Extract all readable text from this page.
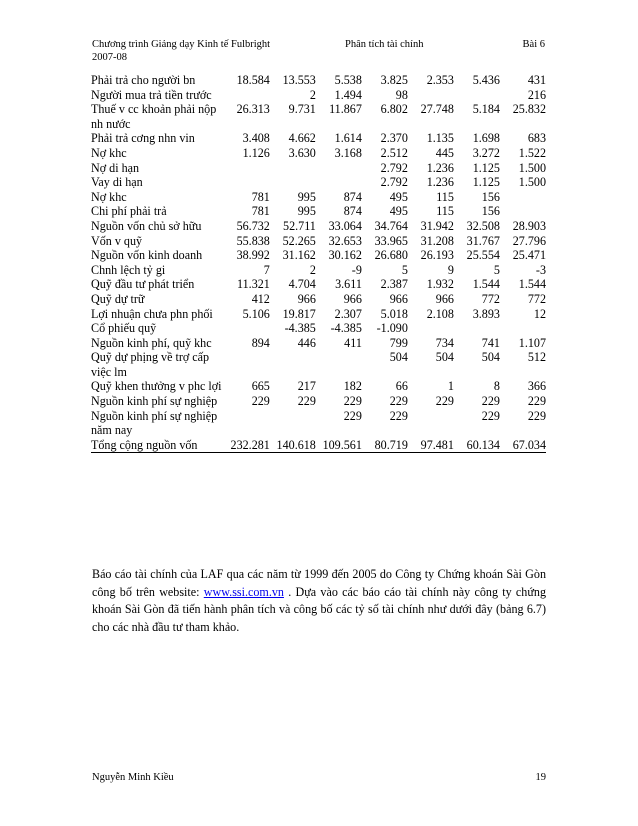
Chương trình Giảng dạy Kinh tế Fulbright	Phân tích tài chính	Bài 6
2007-08
Phải trả cho người bn	18.584	13.553	5.538	3.825	2.353	5.436	431
Người mua trả tiền trước		2	1.494	98			216
Thuế v cc khoản phải nộp nh nước	26.313	9.731	11.867	6.802	27.748	5.184	25.832
Phải trả cơng nhn vin	3.408	4.662	1.614	2.370	1.135	1.698	683
Nợ khc	1.126	3.630	3.168	2.512	445	3.272	1.522
Nợ di hạn				2.792	1.236	1.125	1.500
Vay di hạn				2.792	1.236	1.125	1.500
Nợ khc	781	995	874	495	115	156	
Chi phí phải trả	781	995	874	495	115	156	
Nguồn vốn chủ sở hữu	56.732	52.711	33.064	34.764	31.942	32.508	28.903
Vốn v quỹ	55.838	52.265	32.653	33.965	31.208	31.767	27.796
Nguồn vốn kinh doanh	38.992	31.162	30.162	26.680	26.193	25.554	25.471
Chnh lệch tỷ gi	7	2	-9	5	9	5	-3
Quỹ đầu tư phát triển	11.321	4.704	3.611	2.387	1.932	1.544	1.544
Quỹ dự trữ	412	966	966	966	966	772	772
Lợi nhuận chưa phn phối	5.106	19.817	2.307	5.018	2.108	3.893	12
Cổ phiếu quỹ		-4.385	-4.385	-1.090			
Nguồn kinh phí, quỹ khc	894	446	411	799	734	741	1.107
Quỹ dự phịng về trợ cấp việc lm				504	504	504	512
Quỹ khen thưởng v phc lợi	665	217	182	66	1	8	366
Nguồn kinh phí sự nghiệp	229	229	229	229	229	229	229
Nguồn kinh phí sự nghiệp năm nay			229	229		229	229
Tổng cộng nguồn vốn	232.281	140.618	109.561	80.719	97.481	60.134	67.034
Báo cáo tài chính của LAF qua các năm từ 1999 đến 2005 do Công ty Chứng khoán Sài Gòn công bố trên website: www.ssi.com.vn . Dựa vào các báo cáo tài chính này công ty chứng khoán Sài Gòn đã tiến hành phân tích và công bố các tỷ số tài chính như dưới đây (bảng 6.7) cho các nhà đầu tư tham khảo.
Nguyễn Minh Kiều	19
